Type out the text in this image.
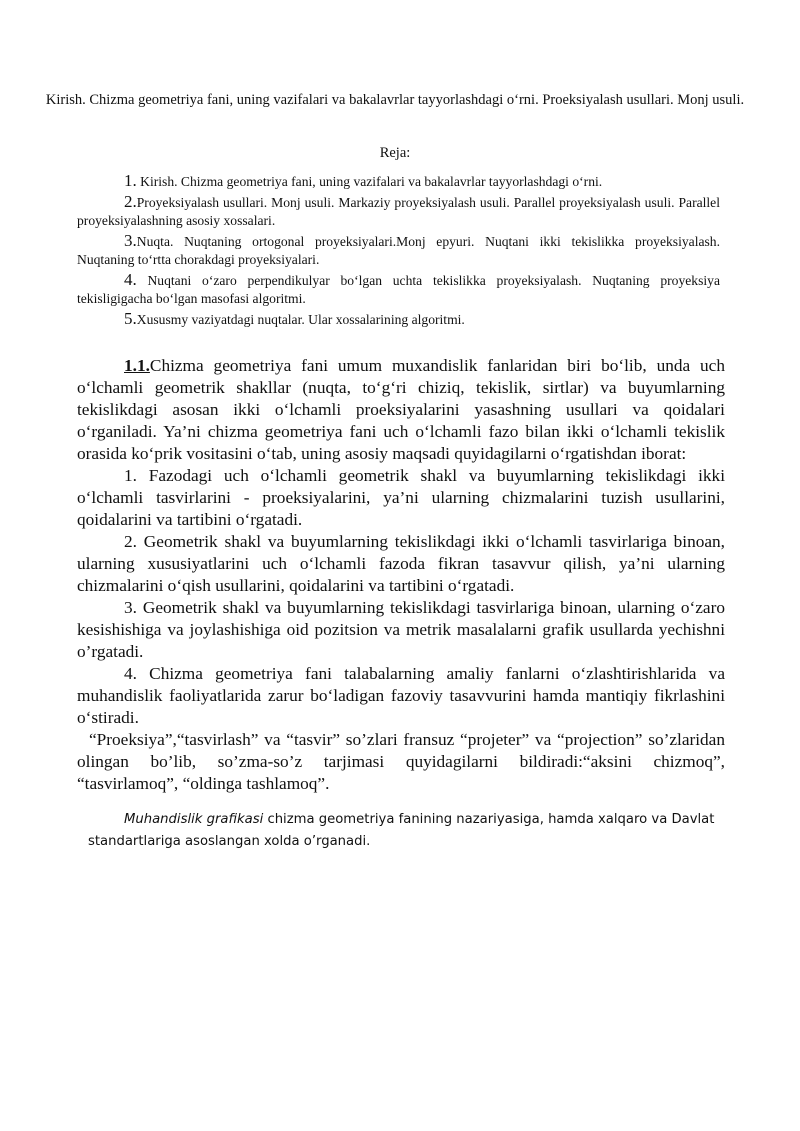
Kirish. Chizma geometriya fani, uning vazifalari va bakalavrlar tayyorlashdagi o‘rni. Proeksiyalash usullari. Monj usuli.
Reja:

1. Kirish. Chizma geometriya fani, uning vazifalari va bakalavrlar tayyorlashdagi o‘rni.

2.Proyeksiyalash usullari. Monj usuli. Markaziy proyeksiyalash usuli. Parallel proyeksiyalash usuli. Parallel proyeksiyalashning asosiy xossalari.

3.Nuqta. Nuqtaning ortogonal proyeksiyalari.Monj epyuri. Nuqtani ikki tekislikka proyeksiyalash. Nuqtaning to‘rtta chorakdagi proyeksiyalari.

4. Nuqtani o‘zaro perpendikulyar bo‘lgan uchta tekislikka proyeksiyalash. Nuqtaning proyeksiya tekisligigacha bo‘lgan masofasi algoritmi.

5.Xususmy vaziyatdagi nuqtalar. Ular xossalarining algoritmi.

1.1.Chizma geometriya fani umum muxandislik fanlaridan biri bo‘lib, unda uch o‘lchamli geometrik shakllar (nuqta, to‘g‘ri chiziq, tekislik, sirtlar) va buyumlarning tekislikdagi asosan ikki o‘lchamli proeksiyalarini yasashning usullari va qoidalari o‘rganiladi. Ya’ni chizma geometriya fani uch o‘lchamli fazo bilan ikki o‘lchamli tekislik orasida ko‘prik vositasini o‘tab, uning asosiy maqsadi quyidagilarni o‘rgatishdan iborat:

1. Fazodagi uch o‘lchamli geometrik shakl va buyumlarning tekislikdagi ikki o‘lchamli tasvirlarini - proeksiyalarini, ya’ni ularning chizmalarini tuzish usullarini, qoidalarini va tartibini o‘rgatadi.

2. Geometrik shakl va buyumlarning tekislikdagi ikki o‘lchamli tasvirlariga binoan, ularning xususiyatlarini uch o‘lchamli fazoda fikran tasavvur qilish, ya’ni ularning chizmalarini o‘qish usullarini, qoidalarini va tartibini o‘rgatadi.

3. Geometrik shakl va buyumlarning tekislikdagi tasvirlariga binoan, ularning o‘zaro kesishishiga va joylashishiga oid pozitsion va metrik masalalarni grafik usullarda yechishni o’rgatadi.

4. Chizma geometriya fani talabalarning amaliy fanlarni o‘zlashtirishlarida va muhandislik faoliyatlarida zarur bo‘ladigan fazoviy tasavvurini hamda mantiqiy fikrlashini o‘stiradi.

“Proeksiya”,“tasvirlash” va “tasvir” so’zlari fransuz “projeter” va “projection” so’zlaridan olingan bo’lib, so’zma-so’z tarjimasi quyidagilarni bildiradi:“aksini chizmoq”, “tasvirlamoq”, “oldinga tashlamoq”.

Muhandislik grafikasi chizma geometriya fanining nazariyasiga, hamda xalqaro va Davlat standartlariga asoslangan xolda o’rganadi.
